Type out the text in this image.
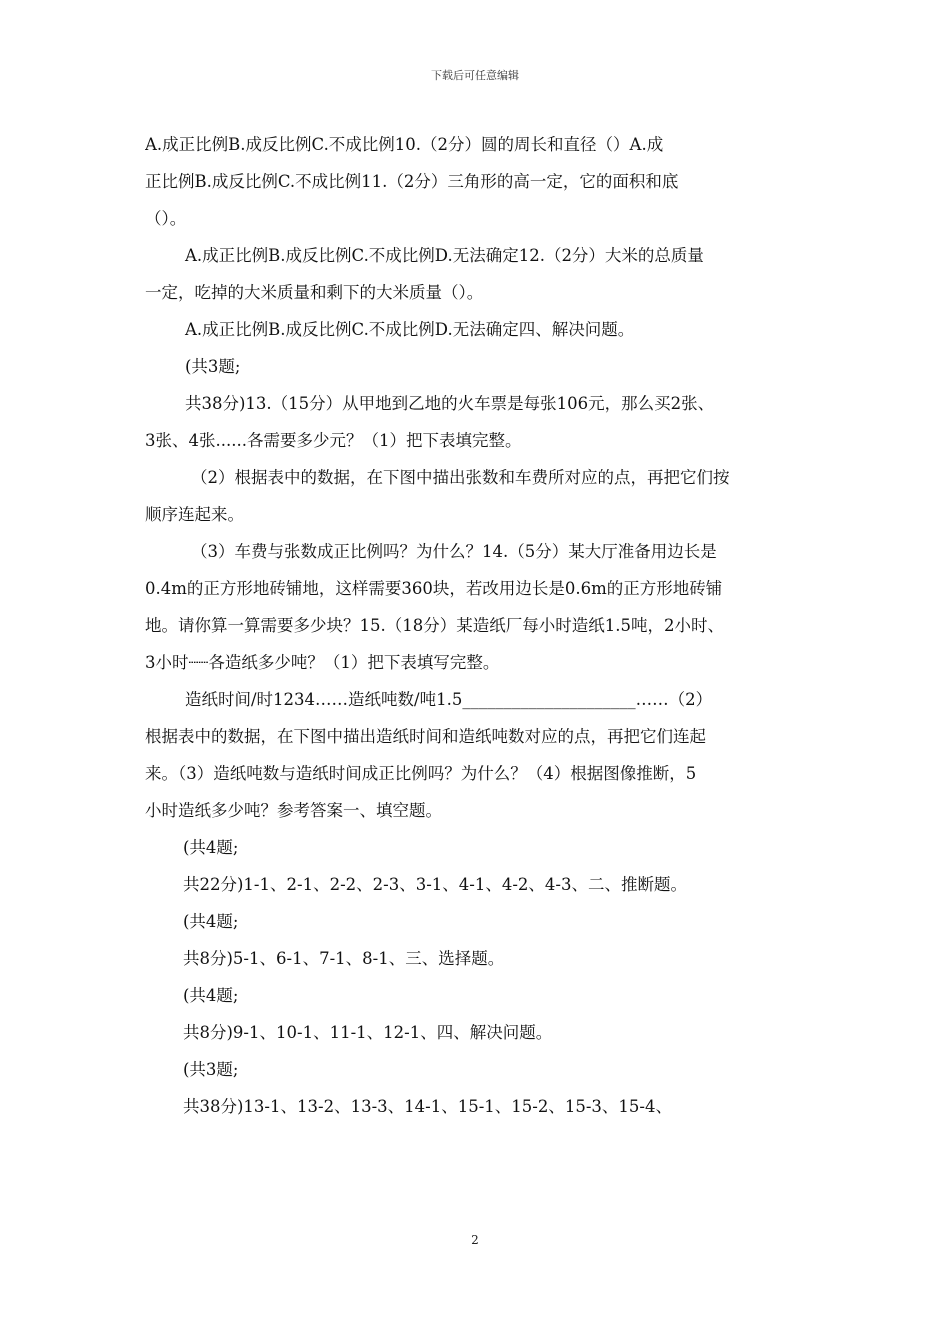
下载后可任意编辑
A.成正比例B.成反比例C.不成比例10.（2分）圆的周长和直径（）A.成
正比例B.成反比例C.不成比例11.（2分）三角形的高一定，它的面积和底
（）。
A.成正比例B.成反比例C.不成比例D.无法确定12.（2分）大米的总质量
一定，吃掉的大米质量和剩下的大米质量（）。
A.成正比例B.成反比例C.不成比例D.无法确定四、解决问题。
(共3题;
共38分)13.（15分）从甲地到乙地的火车票是每张106元，那么买2张、
3张、4张......各需要多少元？（1）把下表填完整。
（2）根据表中的数据，在下图中描出张数和车费所对应的点，再把它们按
顺序连起来。
（3）车费与张数成正比例吗？为什么？14.（5分）某大厅准备用边长是
0.4m的正方形地砖铺地，这样需要360块，若改用边长是0.6m的正方形地砖铺
地。请你算一算需要多少块？15.（18分）某造纸厂每小时造纸1.5吨，2小时、
3小时┈┈各造纸多少吨？（1）把下表填写完整。
造纸时间/时1234……造纸吨数/吨1.5_____________________……（2）
根据表中的数据，在下图中描出造纸时间和造纸吨数对应的点，再把它们连起
来。（3）造纸吨数与造纸时间成正比例吗？为什么？（4）根据图像推断，5
小时造纸多少吨？参考答案一、填空题。
(共4题;
共22分)1-1、2-1、2-2、2-3、3-1、4-1、4-2、4-3、二、推断题。
(共4题;
共8分)5-1、6-1、7-1、8-1、三、选择题。
(共4题;
共8分)9-1、10-1、11-1、12-1、四、解决问题。
(共3题;
共38分)13-1、13-2、13-3、14-1、15-1、15-2、15-3、15-4、
2
